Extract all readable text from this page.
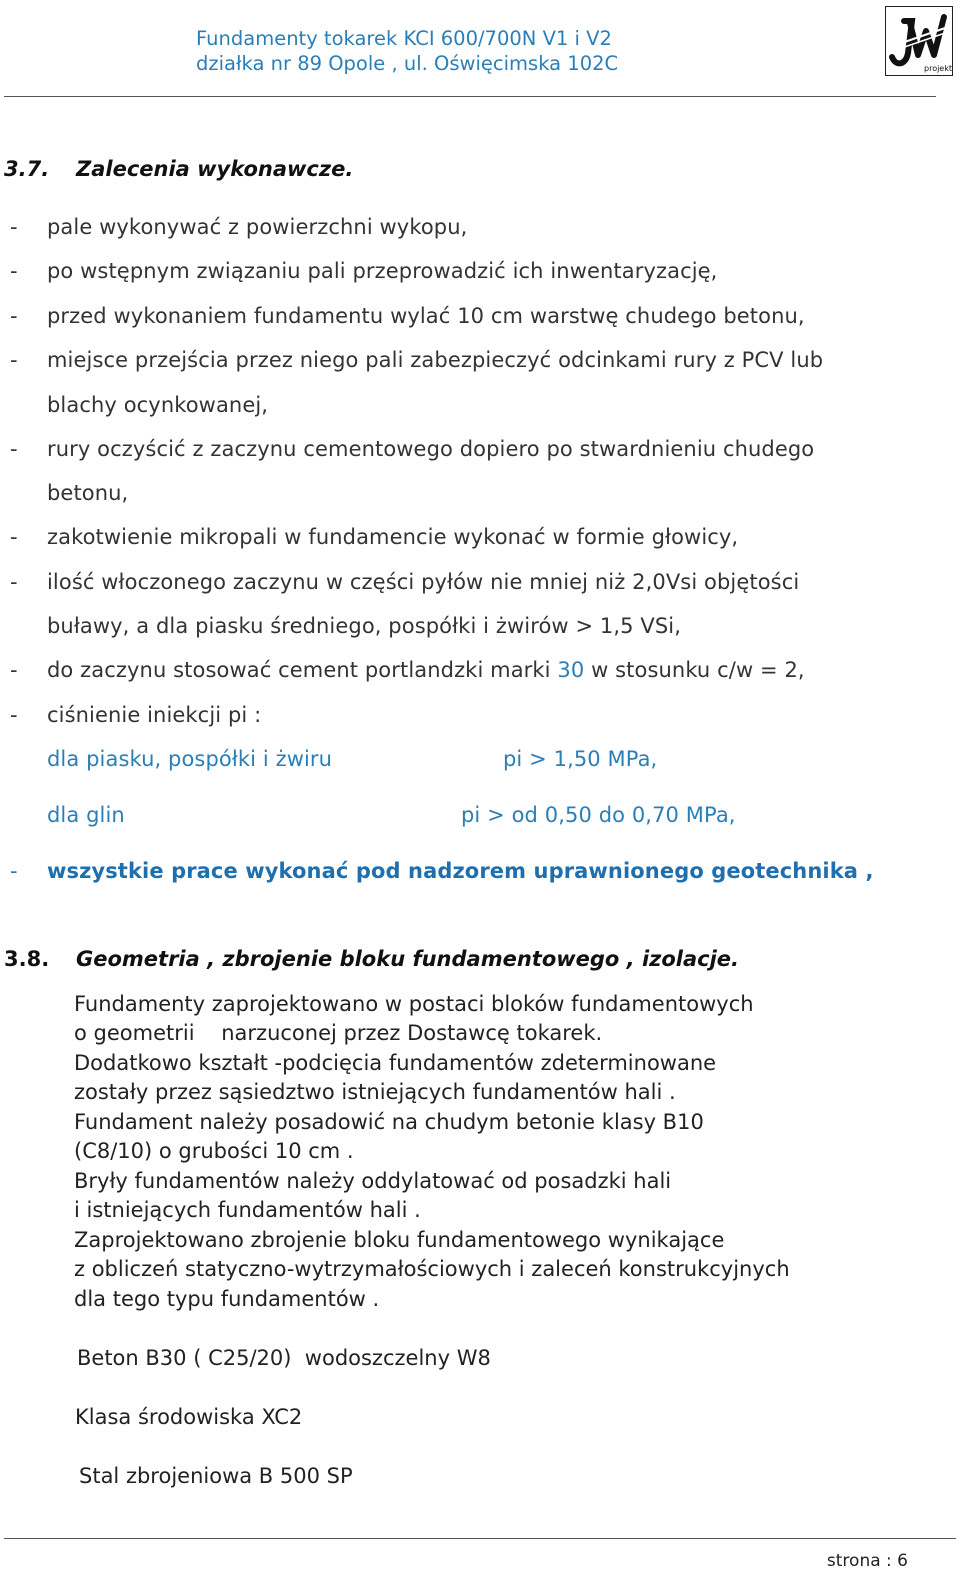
Fundamenty tokarek KCI 600/700N V1 i V2
działka nr 89 Opole , ul. Oświęcimska 102C	projekt
3.7. Zalecenia wykonawcze.
- pale wykonywać z powierzchni wykopu,
- po wstępnym związaniu pali przeprowadzić ich inwentaryzację,
- przed wykonaniem fundamentu wylać 10 cm warstwę chudego betonu,
- miejsce przejścia przez niego pali zabezpieczyć odcinkami rury z PCV lub
blachy ocynkowanej,
- rury oczyścić z zaczynu cementowego dopiero po stwardnieniu chudego
betonu,
- zakotwienie mikropali w fundamencie wykonać w formie głowicy,
- ilość włoczonego zaczynu w części pyłów nie mniej niż 2,0Vsi objętości
buławy, a dla piasku średniego, pospółki i żwirów > 1,5 VSi,
- do zaczynu stosować cement portlandzki marki 30 w stosunku c/w = 2,
- ciśnienie iniekcji pi :
dla piasku, pospółki i żwiru	pi > 1,50 MPa,
dla glin	pi > od 0,50 do 0,70 MPa,
- wszystkie prace wykonać pod nadzorem uprawnionego geotechnika ,
3.8. Geometria , zbrojenie bloku fundamentowego , izolacje.
Fundamenty zaprojektowano w postaci bloków fundamentowych
o geometrii    narzuconej przez Dostawcę tokarek.
Dodatkowo kształt -podcięcia fundamentów zdeterminowane
zostały przez sąsiedztwo istniejących fundamentów hali .
Fundament należy posadowić na chudym betonie klasy B10
(C8/10) o grubości 10 cm .
Bryły fundamentów należy oddylatować od posadzki hali
i istniejących fundamentów hali .
Zaprojektowano zbrojenie bloku fundamentowego wynikające
z obliczeń statyczno-wytrzymałościowych i zaleceń konstrukcyjnych
dla tego typu fundamentów .
Beton B30 ( C25/20)  wodoszczelny W8
Klasa środowiska XC2
Stal zbrojeniowa B 500 SP
strona : 6
